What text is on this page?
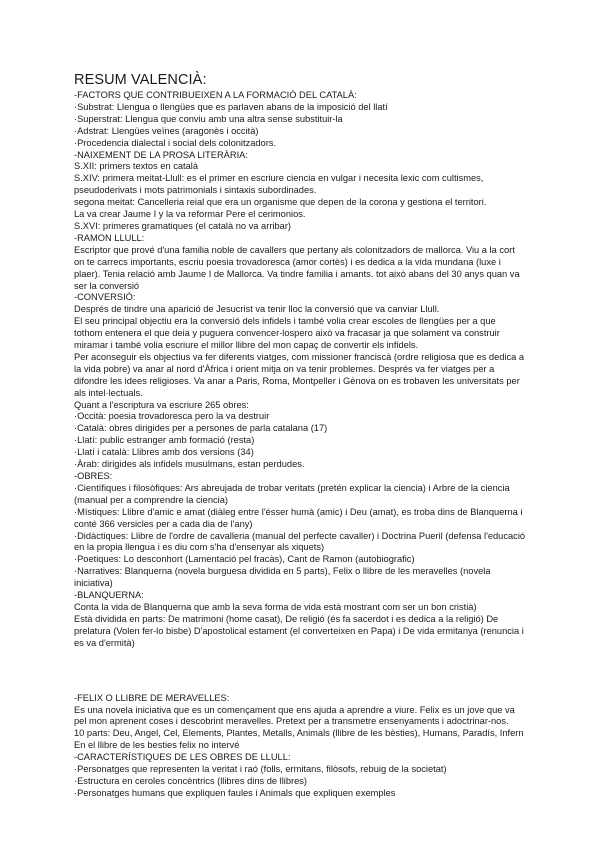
RESUM VALENCIÀ:

-FACTORS QUE CONTRIBUEIXEN A LA FORMACIÓ DEL CATALÀ:

·Substrat: Llengua o llengües que es parlaven abans de la imposició del llatí

·Superstrat: Llengua que conviu amb una altra sense substituir-la

·Adstrat: Llengües veïnes (aragonès i occità)

·Procedencia dialectal i social dels colonitzadors.

-NAIXEMENT DE LA PROSA LITERÀRIA:

S.XII: primers textos en català

S.XIV: primera meitat-Llull: es el primer en escriure ciencia en vulgar i necesita lexic com cultismes, pseudoderivats i mots patrimonials i sintaxis subordinades.

segona meitat: Cancelleria reial que era un organisme que depen de la corona y gestiona el territori.

La va crear Jaume I y la va reformar Pere el cerimonios.

S.XVI: primeres gramatiques (el català no va arribar)

-RAMON LLULL:

Escriptor que prové d'una familia noble de cavallers que pertany als colonitzadors de mallorca. Viu a la cort on te carrecs importants, escriu poesia trovadoresca (amor cortès) i es dedica a la vida mundana (luxe i plaer). Tenia relació amb Jaume I de Mallorca. Va tindre familia i amants. tot això abans del 30 anys quan va ser la conversió

-CONVERSIÓ:

Després de tindre una aparició de Jesucrist va tenir lloc la conversió que va canviar Llull.

El seu principal objectiu era la conversió dels infidels i també volia crear escoles de llengües per a que tothom entenera el que deia y puguera convencer-lospero això va fracasar ja que solament va construir miramar i també volia escriure el millor llibre del mon capaç de convertir els infidels.

Per aconseguir els objectius va fer diferents viatges, com missioner franciscà (ordre religiosa que es dedica a la vida pobre) va anar al nord d'Àfrica i orient mitja on va tenir problemes. Després va fer viatges per a difondre les idees religioses. Va anar a Paris, Roma, Montpeller i Gènova on es trobaven les universitats per als intel·lectuals.

Quant a l'escriptura va escriure 265 obres:

·Occità: poesia trovadoresca pero la va destruir

·Català: obres dirigides per a persones de parla catalana (17)

·Llatí: public estranger amb formació (resta)

·Llatí i català: Llibres amb dos versions (34)

·Àrab: dirigides als infidels musulmans, estan perdudes.

-OBRES:

·Científiques i filosòfiques: Ars abreujada de trobar veritats (pretén explicar la ciencia) i Arbre de la ciencia (manual per a comprendre la ciencia)

·Místiques: Llibre d'amic e amat (diàleg entre l'ésser humà (amic) i Deu (amat), es troba dins de Blanquerna i conté 366 versicles per a cada dia de l'any)

·Didàctiques: Llibre de l'ordre de cavalleria (manual del perfecte cavaller) i Doctrina Pueril (defensa l'educació en la propia llengua i es diu com s'ha d'ensenyar als xiquets)

·Poetiques: Lo desconhort (Lamentació pel fracàs), Cant de Ramon (autobiografic)

·Narratives: Blanquerna (novela burguesa dividida en 5 parts), Felix o llibre de les meravelles (novela iniciativa)

-BLANQUERNA:

Conta la vida de Blanquerna que amb la seva forma de vida està mostrant com ser un bon cristià)

Està dividida en parts: De matrimoni (home casat), De religió (és fa sacerdot i es dedica a la religió) De prelatura (Volen fer-lo bisbe) D'apostolical estament (el converteixen en Papa) i De vida ermitanya (renuncia i es va d'ermità)

-FELIX O LLIBRE DE MERAVELLES:

Es una novela iniciativa que es un començament que ens ajuda a aprendre a viure. Felix es un jove que va pel mon aprenent coses i descobrint meravelles. Pretext per a transmetre ensenyaments i adoctrinar-nos.

10 parts: Deu, Angel, Cel, Elements, Plantes, Metalls, Animals (llibre de les bèsties), Humans, Paradís, Infern

En el llibre de les besties felix no intervé

-CARACTERÍSTIQUES DE LES OBRES DE LLULL:

·Personatges que representen la veritat i raó (folls, ermitans, filòsofs, rebuig de la societat)

·Estructura en ceroles concèntrics (llibres dins de llibres)

·Personatges humans que expliquen faules i Animals que expliquen exemples
